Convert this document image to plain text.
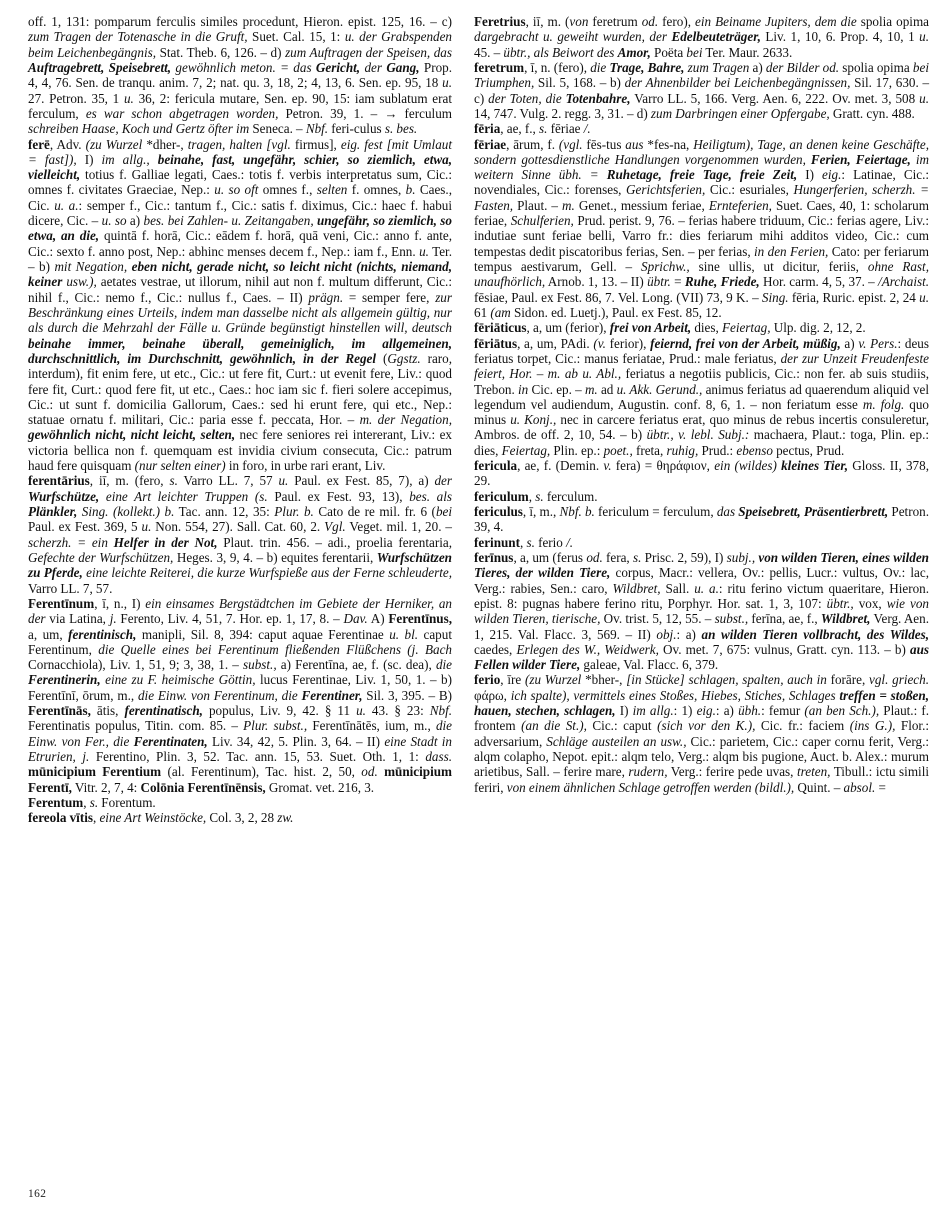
off. 1, 131: pomparum ferculis similes procedunt, Hieron. epist. 125, 16. – c) zum Tragen der Totenasche in die Gruft, Suet. Cal. 15, 1: u. der Grabspenden beim Leichenbegängnis, Stat. Theb. 6, 126. – d) zum Auftragen der Speisen, das Auftragebrett, Speisebrett, gewöhnlich meton. = das Gericht, der Gang, Prop. 4, 4, 76. Sen. de tranqu. anim. 7, 2; nat. qu. 3, 18, 2; 4, 13, 6. Sen. ep. 95, 18 u. 27. Petron. 35, 1 u. 36, 2: fericula mutare, Sen. ep. 90, 15: iam sublatum erat ferculum, es war schon abgetragen worden, Petron. 39, 1. – → ferculum schreiben Haase, Koch und Gertz öfter im Seneca. – Nbf. feri-culus s. bes.

ferē, Adv. (zu Wurzel *dher-, tragen, halten [vgl. firmus], eig. fest [mit Umlaut = fast]), I) im allg., beinahe, fast, ungefähr, schier, so ziemlich, etwa, vielleicht, totius f. Galliae legati, Caes.: totis f. verbis interpretatus sum, Cic.: omnes f. civitates Graeciae, Nep.: u. so oft omnes f., selten f. omnes, b. Caes., Cic. u. a.: semper f., Cic.: tantum f., Cic.: satis f. diximus, Cic.: haec f. habui dicere, Cic. – u. so a) bes. bei Zahlen- u. Zeitangaben, ungefähr, so ziemlich, so etwa, an die, quintā f. horā, Cic.: eādem f. horā, quā veni, Cic.: anno f. ante, Cic.: sexto f. anno post, Nep.: abhinc menses decem f., Nep.: iam f., Enn. u. Ter. – b) mit Negation, eben nicht, gerade nicht, so leicht nicht (nichts, niemand, keiner usw.), aetates vestrae, ut illorum, nihil aut non f. multum differunt, Cic.: nihil f., Cic.: nemo f., Cic.: nullus f., Caes. – II) prägn. = semper fere, zur Beschränkung eines Urteils, indem man dasselbe nicht als allgemein gültig, nur als durch die Mehrzahl der Fälle u. Gründe begünstigt hinstellen will, deutsch beinahe immer, beinahe überall, gemeiniglich, im allgemeinen, durchschnittlich, im Durchschnitt, gewöhnlich, in der Regel (Ggstz. raro, interdum), fit enim fere, ut etc., Cic.: ut fere fit, Curt.: ut evenit fere, Liv.: quod fere fit, Curt.: quod fere fit, ut etc., Caes.: hoc iam sic f. fieri solere accepimus, Cic.: ut sunt f. domicilia Gallorum, Caes.: sed hi erunt fere, qui etc., Nep.: statuae ornatu f. militari, Cic.: paria esse f. peccata, Hor. – m. der Negation, gewöhnlich nicht, nicht leicht, selten, nec fere seniores rei intererant, Liv.: ex victoria bellica non f. quemquam est invidia civium consecuta, Cic.: patrum haud fere quisquam (nur selten einer) in foro, in urbe rari erant, Liv.

ferentārius, iī, m. (fero, s. Varro LL. 7, 57 u. Paul. ex Fest. 85, 7), a) der Wurfschütze, eine Art leichter Truppen (s. Paul. ex Fest. 93, 13), bes. als Plänkler, Sing. (kollekt.) b. Tac. ann. 12, 35: Plur. b. Cato de re mil. fr. 6 (bei Paul. ex Fest. 369, 5 u. Non. 554, 27). Sall. Cat. 60, 2. Vgl. Veget. mil. 1, 20. – scherzh. = ein Helfer in der Not, Plaut. trin. 456. – adi., proelia ferentaria, Gefechte der Wurfschützen, Heges. 3, 9, 4. – b) equites ferentarii, Wurfschützen zu Pferde, eine leichte Reiterei, die kurze Wurfspieße aus der Ferne schleuderte, Varro LL. 7, 57.

Ferentīnum, ī, n., I) ein einsames Bergstädtchen im Gebiete der Herniker, an der via Latina, j. Ferento, Liv. 4, 51, 7. Hor. ep. 1, 17, 8. – Dav. A) Ferentīnus, a, um, ferentinisch, manipli, Sil. 8, 394: caput aquae Ferentinae u. bl. caput Ferentinum, die Quelle eines bei Ferentinum fließenden Flüßchens (j. Bach Cornacchiola), Liv. 1, 51, 9; 3, 38, 1. – subst., a) Ferentīna, ae, f. (sc. dea), die Ferentinerin, eine zu F. heimische Göttin, lucus Ferentinae, Liv. 1, 50, 1. – b) Ferentīnī, ōrum, m., die Einw. von Ferentinum, die Ferentiner, Sil. 3, 395. – B) Ferentīnās, ātis, ferentinatisch, populus, Liv. 9, 42. § 11 u. 43. § 23: Nbf. Ferentinatis populus, Titin. com. 85. – Plur. subst., Ferentīnātēs, ium, m., die Einw. von Fer., die Ferentinaten, Liv. 34, 42, 5. Plin. 3, 64. – II) eine Stadt in Etrurien, j. Ferentino, Plin. 3, 52. Tac. ann. 15, 53. Suet. Oth. 1, 1: dass. mūnicipium Ferentium (al. Ferentinum), Tac. hist. 2, 50, od. mūnicipium Ferentī, Vitr. 2, 7, 4: Colōnia Ferentīnēnsis, Gromat. vet. 216, 3.

Ferentum, s. Forentum.

fereola vītis, eine Art Weinstöcke, Col. 3, 2, 28 zw.

Feretrius, iī, m. (von feretrum od. fero), ein Beiname Jupiters, dem die spolia opima dargebracht u. geweiht wurden, der Edelbeuteträger, Liv. 1, 10, 6. Prop. 4, 10, 1 u. 45. – übtr., als Beiwort des Amor, Poëta bei Ter. Maur. 2633.

feretrum, ī, n. (fero), die Trage, Bahre, zum Tragen a) der Bilder od. spolia opima bei Triumphen, Sil. 5, 168. – b) der Ahnenbilder bei Leichenbegängnissen, Sil. 17, 630. – c) der Toten, die Totenbahre, Varro LL. 5, 166. Verg. Aen. 6, 222. Ov. met. 3, 508 u. 14, 747. Vulg. 2. regg. 3, 31. – d) zum Darbringen einer Opfergabe, Gratt. cyn. 488.

fēria, ae, f., s. fēriae /.

fēriae, ārum, f. (vgl. fēs-tus aus *fes-na, Heiligtum), Tage, an denen keine Geschäfte, sondern gottesdienstliche Handlungen vorgenommen wurden, Ferien, Feiertage, im weitern Sinne übh. = Ruhetage, freie Tage, freie Zeit, I) eig.: Latinae, Cic.: novendiales, Cic.: forenses, Gerichtsferien, Cic.: esuriales, Hungerferien, scherzh. = Fasten, Plaut. – m. Genet., messium feriae, Ernteferien, Suet. Caes, 40, 1: scholarum feriae, Schulferien, Prud. perist. 9, 76. – ferias habere triduum, Cic.: ferias agere, Liv.: indutiae sunt feriae belli, Varro fr.: dies feriarum mihi additos video, Cic.: cum tempestas dedit piscatoribus ferias, Sen. – per ferias, in den Ferien, Cato: per feriarum tempus aestivarum, Gell. – Sprichw., sine ullis, ut dicitur, feriis, ohne Rast, unaufhörlich, Arnob. 1, 13. – II) übtr. = Ruhe, Friede, Hor. carm. 4, 5, 37. – /Archaist. fēsiae, Paul. ex Fest. 86, 7. Vel. Long. (VII) 73, 9 K. – Sing. fēria, Ruric. epist. 2, 24 u. 61 (am Sidon. ed. Luetj.), Paul. ex Fest. 85, 12.

fēriāticus, a, um (ferior), frei von Arbeit, dies, Feiertag, Ulp. dig. 2, 12, 2.

fēriātus, a, um, PAdi. (v. ferior), feiernd, frei von der Arbeit, müßig, a) v. Pers.: deus feriatus torpet, Cic.: manus feriatae, Prud.: male feriatus, der zur Unzeit Freudenfeste feiert, Hor. – m. ab u. Abl., feriatus a negotiis publicis, Cic.: non fer. ab suis studiis, Trebon. in Cic. ep. – m. ad u. Akk. Gerund., animus feriatus ad quaerendum aliquid vel legendum vel audiendum, Augustin. conf. 8, 6, 1. – non feriatum esse m. folg. quo minus u. Konj., nec in carcere feriatus erat, quo minus de rebus incertis consuleretur, Ambros. de off. 2, 10, 54. – b) übtr., v. lebl. Subj.: machaera, Plaut.: toga, Plin. ep.: dies, Feiertag, Plin. ep.: poet., freta, ruhig, Prud.: ebenso pectus, Prud.

fericula, ae, f. (Demin. v. fera) = θηράφιον, ein (wildes) kleines Tier, Gloss. II, 378, 29.

fericulum, s. ferculum.

fericulus, ī, m., Nbf. b. fericulum = ferculum, das Speisebrett, Präsentierbrett, Petron. 39, 4.

ferinunt, s. ferio /.

ferīnus, a, um (ferus od. fera, s. Prisc. 2, 59), I) subj., von wilden Tieren, eines wilden Tieres, der wilden Tiere, corpus, Macr.: vellera, Ov.: pellis, Lucr.: vultus, Ov.: lac, Verg.: rabies, Sen.: caro, Wildbret, Sall. u. a.: ritu ferino victum quaeritare, Hieron. epist. 8: pugnas habere ferino ritu, Porphyr. Hor. sat. 1, 3, 107: übtr., vox, wie von wilden Tieren, tierische, Ov. trist. 5, 12, 55. – subst., ferīna, ae, f., Wildbret, Verg. Aen. 1, 215. Val. Flacc. 3, 569. – II) obj.: a) an wilden Tieren vollbracht, des Wildes, caedes, Erlegen des W., Weidwerk, Ov. met. 7, 675: vulnus, Gratt. cyn. 113. – b) aus Fellen wilder Tiere, galeae, Val. Flacc. 6, 379.

ferio, īre (zu Wurzel *bher-, [in Stücke] schlagen, spalten, auch in forāre, vgl. griech. φάρω, ich spalte), vermittels eines Stoßes, Hiebes, Stiches, Schlages treffen = stoßen, hauen, stechen, schlagen, I) im allg.: 1) eig.: a) übh.: femur (an ben Sch.), Plaut.: f. frontem (an die St.), Cic.: caput (sich vor den K.), Cic. fr.: faciem (ins G.), Flor.: adversarium, Schläge austeilen an usw., Cic.: parietem, Cic.: caper cornu ferit, Verg.: alqm colapho, Nepot. epit.: alqm telo, Verg.: alqm bis pugione, Auct. b. Alex.: murum arietibus, Sall. – ferire mare, rudern, Verg.: ferire pede uvas, treten, Tibull.: ictu simili feriri, von einem ähnlichen Schlage getroffen werden (bildl.), Quint. – absol. =

162
